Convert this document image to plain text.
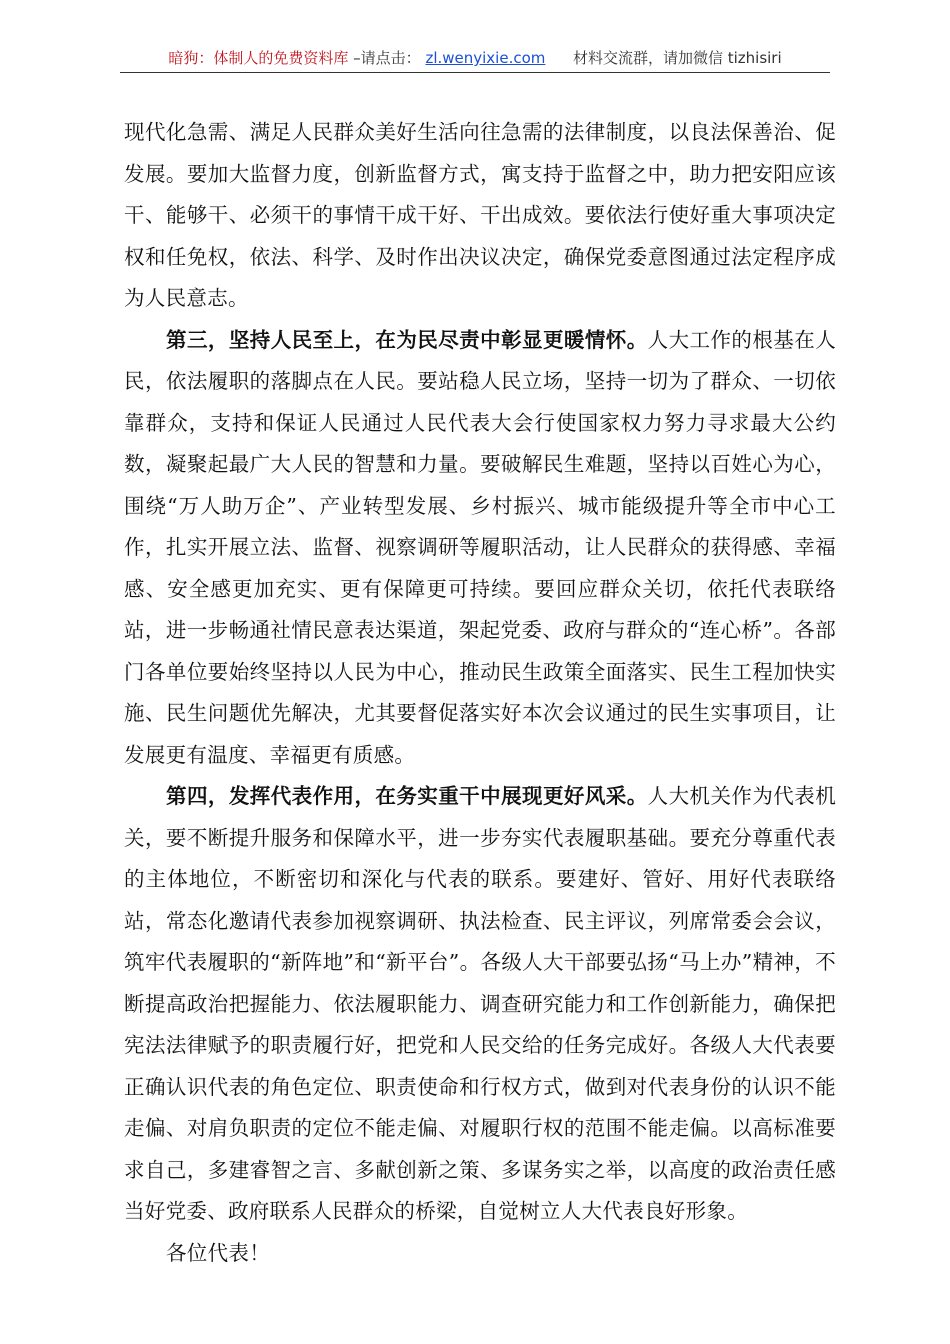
暗狗：体制人的免费资料库 –请点击： zl.wenyixie.com 材料交流群，请加微信 tizhisiri

现代化急需、满足人民群众美好生活向往急需的法律制度，以良法保善治、促发展。要加大监督力度，创新监督方式，寓支持于监督之中，助力把安阳应该干、能够干、必须干的事情干成干好、干出成效。要依法行使好重大事项决定权和任免权，依法、科学、及时作出决议决定，确保党委意图通过法定程序成为人民意志。

第三，坚持人民至上，在为民尽责中彰显更暖情怀。人大工作的根基在人民，依法履职的落脚点在人民。要站稳人民立场，坚持一切为了群众、一切依靠群众，支持和保证人民通过人民代表大会行使国家权力努力寻求最大公约数，凝聚起最广大人民的智慧和力量。要破解民生难题，坚持以百姓心为心，围绕“万人助万企”、产业转型发展、乡村振兴、城市能级提升等全市中心工作，扎实开展立法、监督、视察调研等履职活动，让人民群众的获得感、幸福感、安全感更加充实、更有保障更可持续。要回应群众关切，依托代表联络站，进一步畅通社情民意表达渠道，架起党委、政府与群众的“连心桥”。各部门各单位要始终坚持以人民为中心，推动民生政策全面落实、民生工程加快实施、民生问题优先解决，尤其要督促落实好本次会议通过的民生实事项目，让发展更有温度、幸福更有质感。

第四，发挥代表作用，在务实重干中展现更好风采。人大机关作为代表机关，要不断提升服务和保障水平，进一步夯实代表履职基础。要充分尊重代表的主体地位，不断密切和深化与代表的联系。要建好、管好、用好代表联络站，常态化邀请代表参加视察调研、执法检查、民主评议，列席常委会会议，筑牢代表履职的“新阵地”和“新平台”。各级人大干部要弘扬“马上办”精神，不断提高政治把握能力、依法履职能力、调查研究能力和工作创新能力，确保把宪法法律赋予的职责履行好，把党和人民交给的任务完成好。各级人大代表要正确认识代表的角色定位、职责使命和行权方式，做到对代表身份的认识不能走偏、对肩负职责的定位不能走偏、对履职行权的范围不能走偏。以高标准要求自己，多建睿智之言、多献创新之策、多谋务实之举，以高度的政治责任感当好党委、政府联系人民群众的桥梁，自觉树立人大代表良好形象。

各位代表！
